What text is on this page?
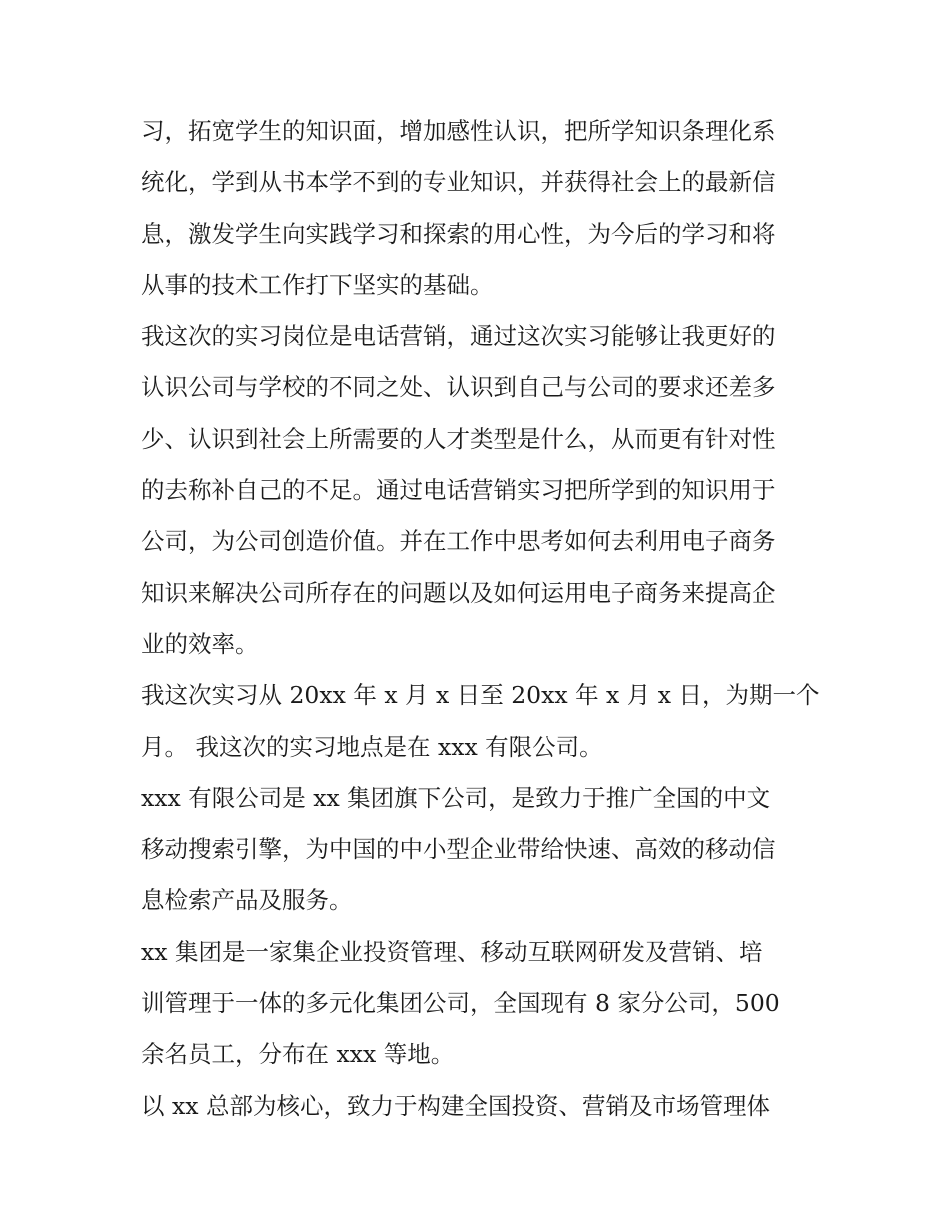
习，拓宽学生的知识面，增加感性认识，把所学知识条理化系
统化，学到从书本学不到的专业知识，并获得社会上的最新信
息，激发学生向实践学习和探索的用心性，为今后的学习和将
从事的技术工作打下坚实的基础。
我这次的实习岗位是电话营销，通过这次实习能够让我更好的
认识公司与学校的不同之处、认识到自己与公司的要求还差多
少、认识到社会上所需要的人才类型是什么，从而更有针对性
的去称补自己的不足。通过电话营销实习把所学到的知识用于
公司，为公司创造价值。并在工作中思考如何去利用电子商务
知识来解决公司所存在的问题以及如何运用电子商务来提高企
业的效率。
我这次实习从 20xx 年 x 月 x 日至 20xx 年 x 月 x 日，为期一个
月。 我这次的实习地点是在 xxx 有限公司。
xxx 有限公司是 xx 集团旗下公司，是致力于推广全国的中文
移动搜索引擎，为中国的中小型企业带给快速、高效的移动信
息检索产品及服务。
xx 集团是一家集企业投资管理、移动互联网研发及营销、培
训管理于一体的多元化集团公司，全国现有 8 家分公司，500
余名员工，分布在 xxx 等地。
以 xx 总部为核心，致力于构建全国投资、营销及市场管理体
